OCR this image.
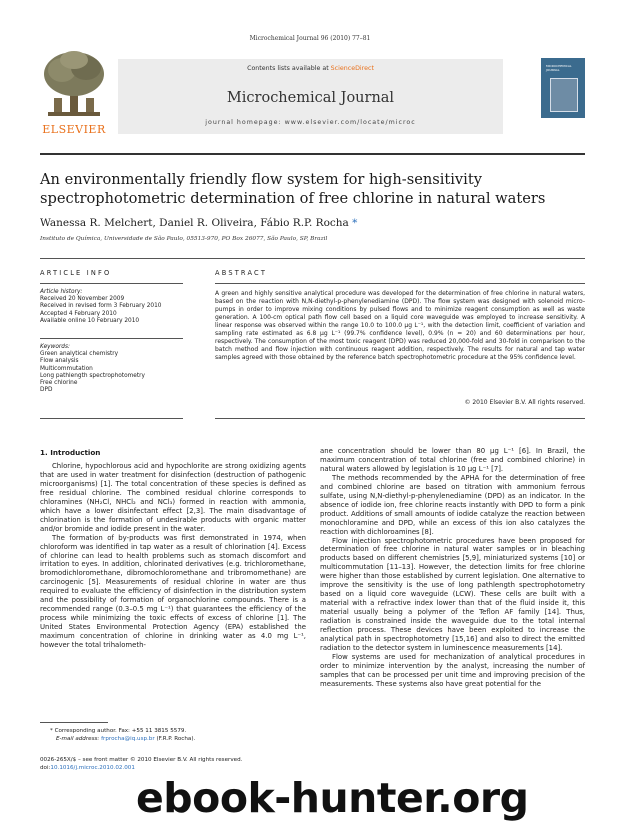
Microchemical Journal 96 (2010) 77–81
ELSEVIER
Contents lists available at ScienceDirect
Microchemical Journal
journal homepage: www.elsevier.com/locate/microc
MICROCHEMICAL JOURNAL
An environmentally friendly flow system for high-sensitivity spectrophotometric determination of free chlorine in natural waters
Wanessa R. Melchert, Daniel R. Oliveira, Fábio R.P. Rocha *
Instituto de Química, Universidade de São Paulo, 05513-970, PO Box 26077, São Paulo, SP, Brazil
ARTICLE INFO	ABSTRACT
Article history:
Received 20 November 2009
Received in revised form 3 February 2010
Accepted 4 February 2010
Available online 10 February 2010
Keywords:
Green analytical chemistry
Flow analysis
Multicommutation
Long pathlength spectrophotometry
Free chlorine
DPD
A green and highly sensitive analytical procedure was developed for the determination of free chlorine in natural waters, based on the reaction with N,N-diethyl-p-phenylenediamine (DPD). The flow system was designed with solenoid micro-pumps in order to improve mixing conditions by pulsed flows and to minimize reagent consumption as well as waste generation. A 100-cm optical path flow cell based on a liquid core waveguide was employed to increase sensitivity. A linear response was observed within the range 10.0 to 100.0 µg L⁻¹, with the detection limit, coefficient of variation and sampling rate estimated as 6.8 µg L⁻¹ (99.7% confidence level), 0.9% (n = 20) and 60 determinations per hour, respectively. The consumption of the most toxic reagent (DPD) was reduced 20,000-fold and 30-fold in comparison to the batch method and flow injection with continuous reagent addition, respectively. The results for natural and tap water samples agreed with those obtained by the reference batch spectrophotometric procedure at the 95% confidence level.
© 2010 Elsevier B.V. All rights reserved.
1. Introduction

Chlorine, hypochlorous acid and hypochlorite are strong oxidizing agents that are used in water treatment for disinfection (destruction of pathogenic microorganisms) [1]. The total concentration of these species is defined as free residual chlorine. The combined residual chlorine corresponds to chloramines (NH₂Cl, NHCl₂ and NCl₃) formed in reaction with ammonia, which have a lower disinfectant effect [2,3]. The main disadvantage of chlorination is the formation of undesirable products with organic matter and/or bromide and iodide present in the water.

The formation of by-products was first demonstrated in 1974, when chloroform was identified in tap water as a result of chlorination [4]. Excess of chlorine can lead to health problems such as stomach discomfort and irritation to eyes. In addition, chlorinated derivatives (e.g. trichloromethane, bromodichloromethane, dibromochloromethane and tribromomethane) are carcinogenic [5]. Measurements of residual chlorine in water are thus required to evaluate the efficiency of disinfection in the distribution system and the possibility of formation of organochlorine compounds. There is a recommended range (0.3–0.5 mg L⁻¹) that guarantees the efficiency of the process while minimizing the toxic effects of excess of chlorine [1]. The United States Environmental Protection Agency (EPA) established the maximum concentration of chlorine in drinking water as 4.0 mg L⁻¹, however the total trihalometh-

ane concentration should be lower than 80 µg L⁻¹ [6]. In Brazil, the maximum concentration of total chlorine (free and combined chlorine) in natural waters allowed by legislation is 10 µg L⁻¹ [7].

The methods recommended by the APHA for the determination of free and combined chlorine are based on titration with ammonium ferrous sulfate, using N,N-diethyl-p-phenylenediamine (DPD) as an indicator. In the absence of iodide ion, free chlorine reacts instantly with DPD to form a pink product. Additions of small amounts of iodide catalyze the reaction between monochloramine and DPD, while an excess of this ion also catalyzes the reaction with dichloroamines [8].

Flow injection spectrophotometric procedures have been proposed for determination of free chlorine in natural water samples or in bleaching products based on different chemistries [5,9], miniaturized systems [10] or multicommutation [11–13]. However, the detection limits for free chlorine were higher than those established by current legislation. One alternative to improve the sensitivity is the use of long pathlength spectrophotometry based on a liquid core waveguide (LCW). These cells are built with a material with a refractive index lower than that of the fluid inside it, this material usually being a polymer of the Teflon AF family [14]. Thus, radiation is constrained inside the waveguide due to the total internal reflection process. These devices have been exploited to increase the analytical path in spectrophotometry [15,16] and also to direct the emitted radiation to the detector system in luminescence measurements [14].

Flow systems are used for mechanization of analytical procedures in order to minimize intervention by the analyst, increasing the number of samples that can be processed per unit time and improving precision of the measurements. These systems also have great potential for the

* Corresponding author. Fax: +55 11 3815 5579.
E-mail address: frprocha@iq.usp.br (F.R.P. Rocha).
0026-265X/$ – see front matter © 2010 Elsevier B.V. All rights reserved.
doi:10.1016/j.microc.2010.02.001
ebook-hunter.org
